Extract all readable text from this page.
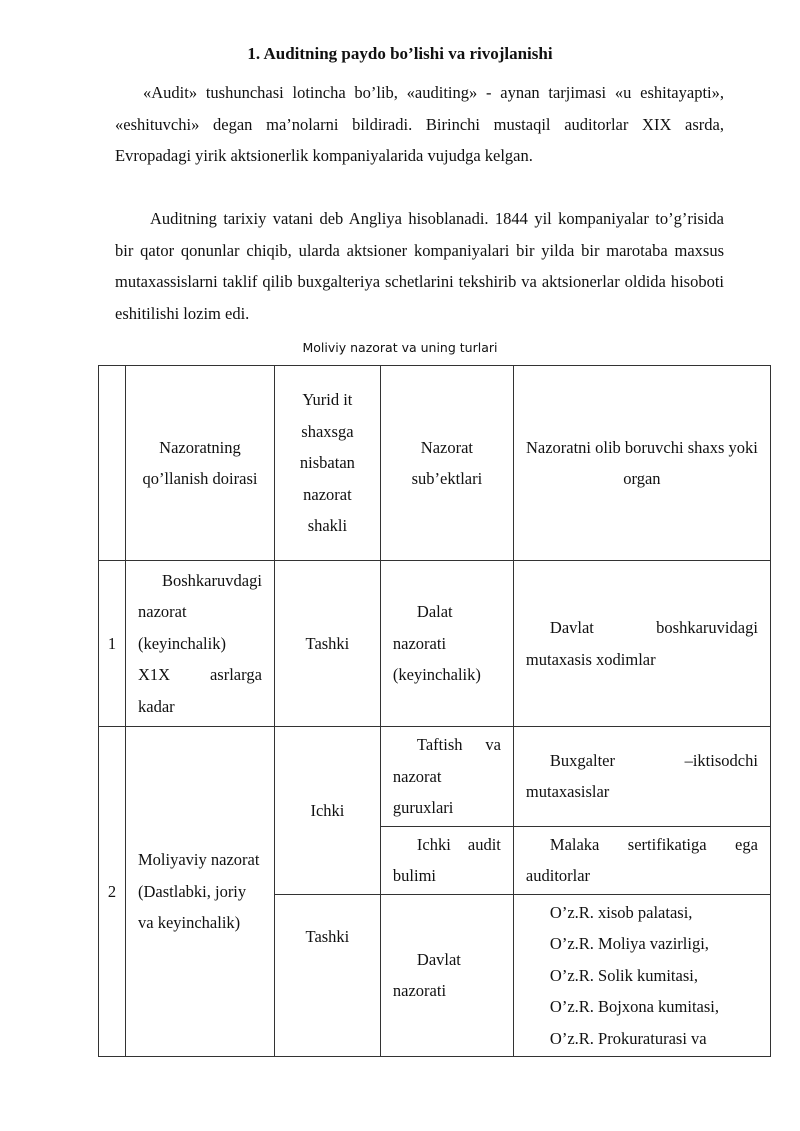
1. Auditning paydo bo’lishi va rivojlanishi
«Audit» tushunchasi lotincha bo’lib, «auditing» - aynan tarjimasi «u eshitayapti», «eshituvchi» degan ma’nolarni bildiradi. Birinchi mustaqil auditorlar XIX asrda, Evropadagi yirik aktsionerlik kompaniyalarida vujudga kelgan.
Auditning tarixiy vatani deb Angliya hisoblanadi. 1844 yil kompaniyalar to’g’risida bir qator qonunlar chiqib, ularda aktsioner kompaniyalari bir yilda bir marotaba maxsus mutaxassislarni taklif qilib buxgalteriya schetlarini tekshirib va aktsionerlar oldida hisoboti eshitilishi lozim edi.
Moliviy nazorat va uning turlari
	Nazoratning qo’llanish doirasi	Yurid it shaxsga nisbatan nazorat shakli	Nazorat sub’ektlari	Nazoratni olib boruvchi shaxs yoki organ
1	Boshkaruvdagi nazorat (keyinchalik) X1X asrlarga kadar	Tashki	Dalat nazorati (keyinchalik)	Davlat boshkaruvidagi mutaxasis xodimlar
2	Moliyaviy nazorat (Dastlabki, joriy va keyinchalik)	Ichki	Taftish va nazorat guruxlari	Buxgalter –iktisodchi mutaxasislar
			Ichki audit bulimi	Malaka sertifikatiga ega auditorlar
		Tashki	Davlat nazorati	O’z.R. xisob palatasi,
O’z.R. Moliya vazirligi,
O’z.R. Solik kumitasi,
O’z.R. Bojxona kumitasi,
O’z.R. Prokuraturasi va
